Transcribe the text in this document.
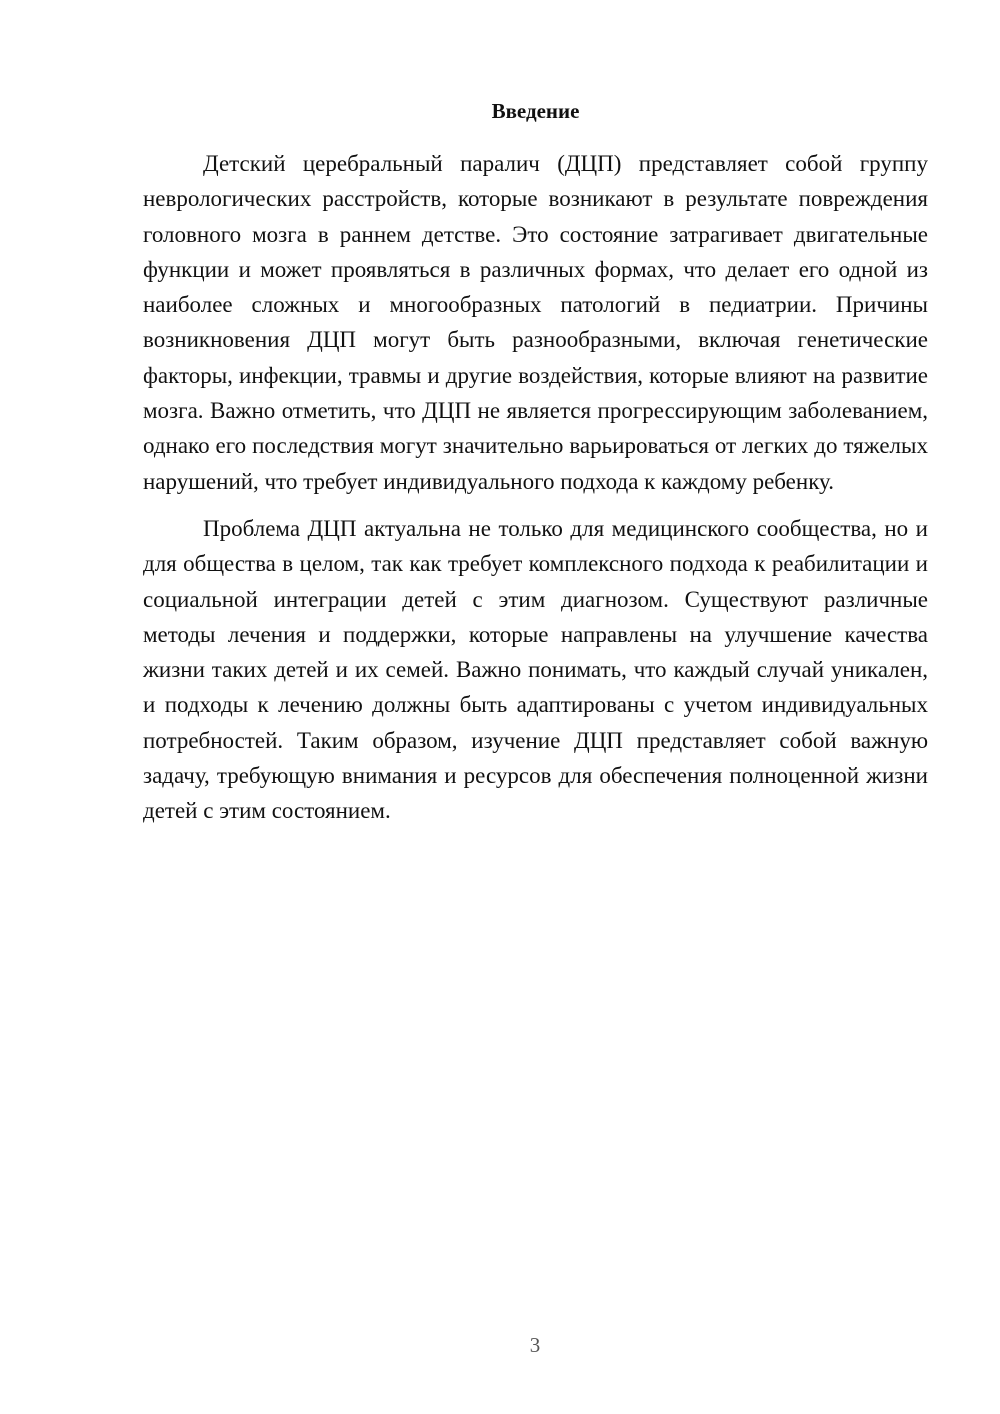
Введение

Детский церебральный паралич (ДЦП) представляет собой группу неврологических расстройств, которые возникают в результате повреждения головного мозга в раннем детстве. Это состояние затрагивает двигательные функции и может проявляться в различных формах, что делает его одной из наиболее сложных и многообразных патологий в педиатрии. Причины возникновения ДЦП могут быть разнообразными, включая генетические факторы, инфекции, травмы и другие воздействия, которые влияют на развитие мозга. Важно отметить, что ДЦП не является прогрессирующим заболеванием, однако его последствия могут значительно варьироваться от легких до тяжелых нарушений, что требует индивидуального подхода к каждому ребенку.

Проблема ДЦП актуальна не только для медицинского сообщества, но и для общества в целом, так как требует комплексного подхода к реабилитации и социальной интеграции детей с этим диагнозом. Существуют различные методы лечения и поддержки, которые направлены на улучшение качества жизни таких детей и их семей. Важно понимать, что каждый случай уникален, и подходы к лечению должны быть адаптированы с учетом индивидуальных потребностей. Таким образом, изучение ДЦП представляет собой важную задачу, требующую внимания и ресурсов для обеспечения полноценной жизни детей с этим состоянием.

3
